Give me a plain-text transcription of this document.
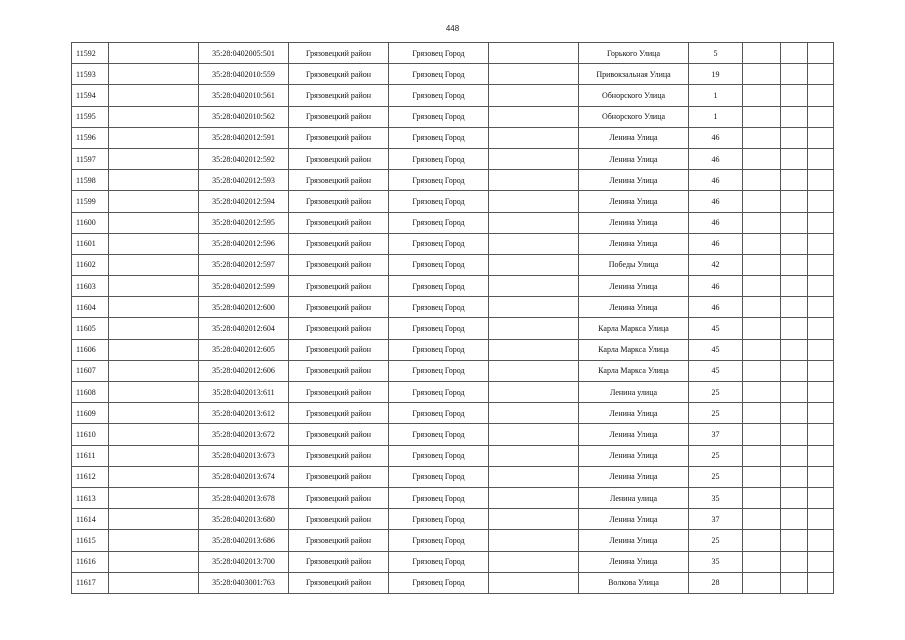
448
11592		35:28:0402005:501	Грязовецкий район	Грязовец Город		Горького Улица	5			
11593		35:28:0402010:559	Грязовецкий район	Грязовец Город		Привокзальная Улица	19			
11594		35:28:0402010:561	Грязовецкий район	Грязовец Город		Обнорского Улица	1			
11595		35:28:0402010:562	Грязовецкий район	Грязовец Город		Обнорского Улица	1			
11596		35:28:0402012:591	Грязовецкий район	Грязовец Город		Ленина Улица	46			
11597		35:28:0402012:592	Грязовецкий район	Грязовец Город		Ленина Улица	46			
11598		35:28:0402012:593	Грязовецкий район	Грязовец Город		Ленина Улица	46			
11599		35:28:0402012:594	Грязовецкий район	Грязовец Город		Ленина Улица	46			
11600		35:28:0402012:595	Грязовецкий район	Грязовец Город		Ленина Улица	46			
11601		35:28:0402012:596	Грязовецкий район	Грязовец Город		Ленина Улица	46			
11602		35:28:0402012:597	Грязовецкий район	Грязовец Город		Победы Улица	42			
11603		35:28:0402012:599	Грязовецкий район	Грязовец Город		Ленина Улица	46			
11604		35:28:0402012:600	Грязовецкий район	Грязовец Город		Ленина Улица	46			
11605		35:28:0402012:604	Грязовецкий район	Грязовец Город		Карла Маркса Улица	45			
11606		35:28:0402012:605	Грязовецкий район	Грязовец Город		Карла Маркса Улица	45			
11607		35:28:0402012:606	Грязовецкий район	Грязовец Город		Карла Маркса Улица	45			
11608		35:28:0402013:611	Грязовецкий район	Грязовец Город		Ленина улица	25			
11609		35:28:0402013:612	Грязовецкий район	Грязовец Город		Ленина Улица	25			
11610		35:28:0402013:672	Грязовецкий район	Грязовец Город		Ленина Улица	37			
11611		35:28:0402013:673	Грязовецкий район	Грязовец Город		Ленина Улица	25			
11612		35:28:0402013:674	Грязовецкий район	Грязовец Город		Ленина Улица	25			
11613		35:28:0402013:678	Грязовецкий район	Грязовец Город		Ленина улица	35			
11614		35:28:0402013:680	Грязовецкий район	Грязовец Город		Ленина Улица	37			
11615		35:28:0402013:686	Грязовецкий район	Грязовец Город		Ленина Улица	25			
11616		35:28:0402013:700	Грязовецкий район	Грязовец Город		Ленина Улица	35			
11617		35:28:0403001:763	Грязовецкий район	Грязовец Город		Волкова Улица	28			
